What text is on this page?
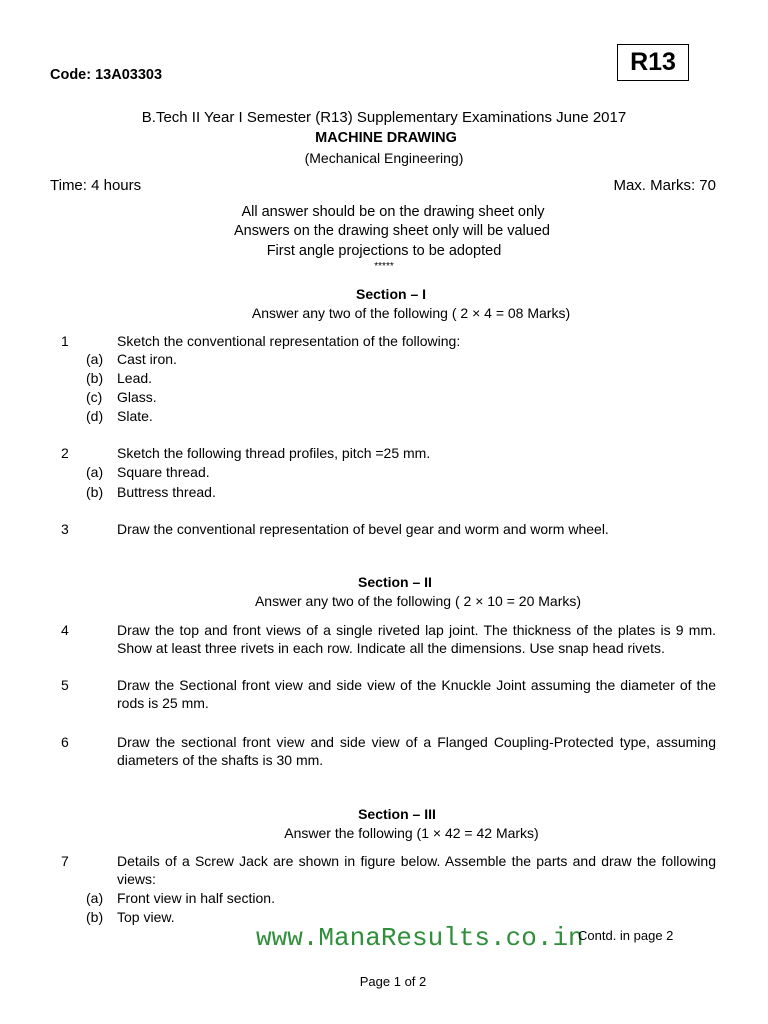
Code: 13A03303	R13
B.Tech II Year I Semester (R13) Supplementary Examinations June 2017
MACHINE DRAWING
(Mechanical Engineering)
Time: 4 hours	Max. Marks: 70
All answer should be on the drawing sheet only
Answers on the drawing sheet only will be valued
First angle projections to be adopted
*****
Section – I
Answer any two of the following ( 2 × 4 = 08 Marks)
1	Sketch the conventional representation of the following:
(a) Cast iron.
(b) Lead.
(c) Glass.
(d) Slate.
2	Sketch the following thread profiles, pitch =25 mm.
(a) Square thread.
(b) Buttress thread.
3	Draw the conventional representation of bevel gear and worm and worm wheel.
Section – II
Answer any two of the following ( 2 × 10 = 20 Marks)
4	Draw the top and front views of a single riveted lap joint. The thickness of the plates is 9 mm. Show at least three rivets in each row. Indicate all the dimensions. Use snap head rivets.
5	Draw the Sectional front view and side view of the Knuckle Joint assuming the diameter of the rods is 25 mm.
6	Draw the sectional front view and side view of a Flanged Coupling-Protected type, assuming diameters of the shafts is 30 mm.
Section – III
Answer the following (1 × 42 = 42 Marks)
7	Details of a Screw Jack are shown in figure below. Assemble the parts and draw the following views:
(a) Front view in half section.
(b) Top view.
www.ManaResults.co.in
Contd. in page 2
Page 1 of 2
